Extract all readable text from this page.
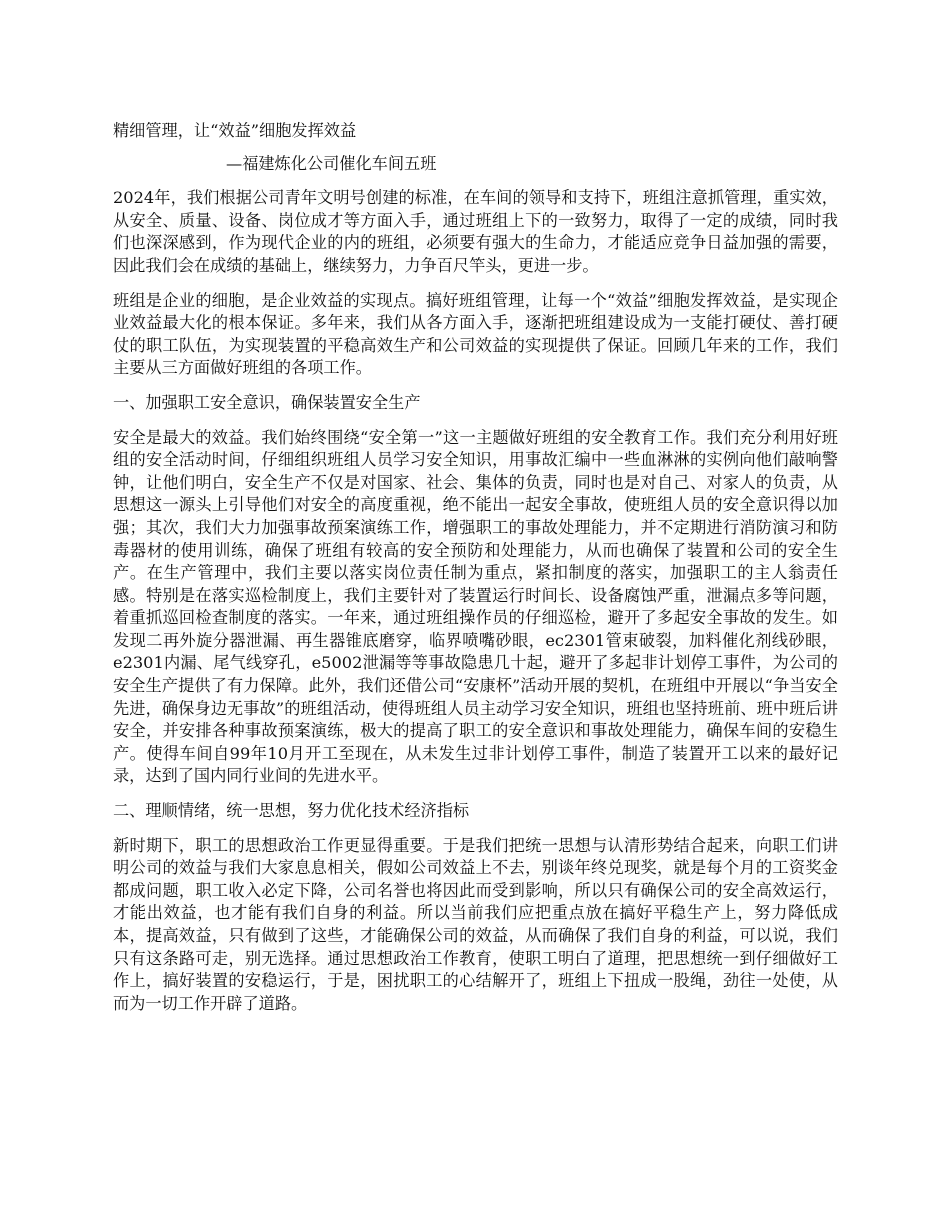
精细管理，让“效益”细胞发挥效益
—福建炼化公司催化车间五班

2024年，我们根据公司青年文明号创建的标准，在车间的领导和支持下，班组注意抓管理，重实效，从安全、质量、设备、岗位成才等方面入手，通过班组上下的一致努力，取得了一定的成绩，同时我们也深深感到，作为现代企业的内的班组，必须要有强大的生命力，才能适应竞争日益加强的需要，因此我们会在成绩的基础上，继续努力，力争百尺竿头，更进一步。

班组是企业的细胞，是企业效益的实现点。搞好班组管理，让每一个“效益”细胞发挥效益，是实现企业效益最大化的根本保证。多年来，我们从各方面入手，逐渐把班组建设成为一支能打硬仗、善打硬仗的职工队伍，为实现装置的平稳高效生产和公司效益的实现提供了保证。回顾几年来的工作，我们主要从三方面做好班组的各项工作。

一、加强职工安全意识，确保装置安全生产

安全是最大的效益。我们始终围绕“安全第一”这一主题做好班组的安全教育工作。我们充分利用好班组的安全活动时间，仔细组织班组人员学习安全知识，用事故汇编中一些血淋淋的实例向他们敲响警钟，让他们明白，安全生产不仅是对国家、社会、集体的负责，同时也是对自己、对家人的负责，从思想这一源头上引导他们对安全的高度重视，绝不能出一起安全事故，使班组人员的安全意识得以加强；其次，我们大力加强事故预案演练工作，增强职工的事故处理能力，并不定期进行消防演习和防毒器材的使用训练，确保了班组有较高的安全预防和处理能力，从而也确保了装置和公司的安全生产。在生产管理中，我们主要以落实岗位责任制为重点，紧扣制度的落实，加强职工的主人翁责任感。特别是在落实巡检制度上，我们主要针对了装置运行时间长、设备腐蚀严重，泄漏点多等问题，着重抓巡回检查制度的落实。一年来，通过班组操作员的仔细巡检，避开了多起安全事故的发生。如发现二再外旋分器泄漏、再生器锥底磨穿，临界喷嘴砂眼，ec2301管束破裂，加料催化剂线砂眼，e2301内漏、尾气线穿孔，e5002泄漏等等事故隐患几十起，避开了多起非计划停工事件，为公司的安全生产提供了有力保障。此外，我们还借公司“安康杯”活动开展的契机，在班组中开展以“争当安全先进，确保身边无事故”的班组活动，使得班组人员主动学习安全知识，班组也坚持班前、班中班后讲安全，并安排各种事故预案演练，极大的提高了职工的安全意识和事故处理能力，确保车间的安稳生产。使得车间自99年10月开工至现在，从未发生过非计划停工事件，制造了装置开工以来的最好记录，达到了国内同行业间的先进水平。

二、理顺情绪，统一思想，努力优化技术经济指标

新时期下，职工的思想政治工作更显得重要。于是我们把统一思想与认清形势结合起来，向职工们讲明公司的效益与我们大家息息相关，假如公司效益上不去，别谈年终兑现奖，就是每个月的工资奖金都成问题，职工收入必定下降，公司名誉也将因此而受到影响，所以只有确保公司的安全高效运行，才能出效益，也才能有我们自身的利益。所以当前我们应把重点放在搞好平稳生产上，努力降低成本，提高效益，只有做到了这些，才能确保公司的效益，从而确保了我们自身的利益，可以说，我们只有这条路可走，别无选择。通过思想政治工作教育，使职工明白了道理，把思想统一到仔细做好工作上，搞好装置的安稳运行，于是，困扰职工的心结解开了，班组上下扭成一股绳，劲往一处使，从而为一切工作开辟了道路。
